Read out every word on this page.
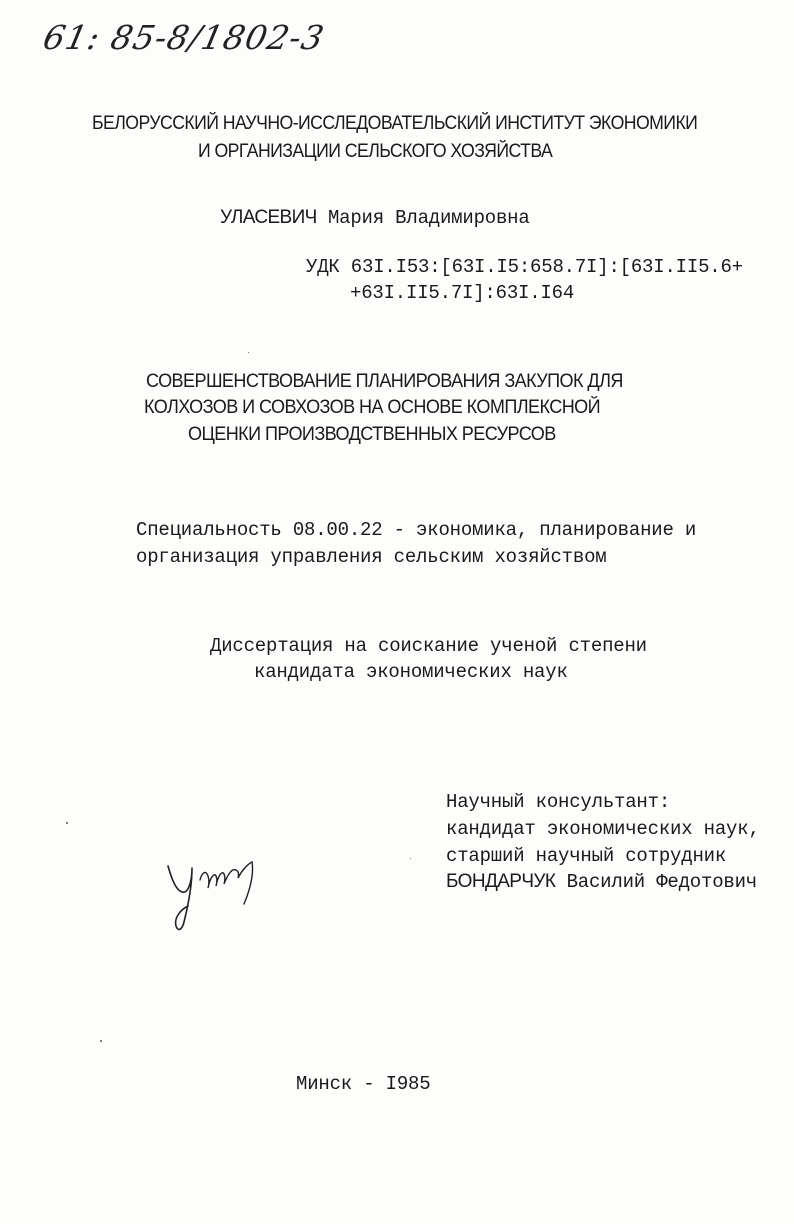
61: 85-8/1802-3
БЕЛОРУССКИЙ НАУЧНО-ИССЛЕДОВАТЕЛЬСКИЙ ИНСТИТУТ ЭКОНОМИКИ
И ОРГАНИЗАЦИИ СЕЛЬСКОГО ХОЗЯЙСТВА
УЛАСЕВИЧ Мария Владимировна
УДК 63I.I53:[63I.I5:658.7I]:[63I.II5.6+
+63I.II5.7I]:63I.I64
СОВЕРШЕНСТВОВАНИЕ ПЛАНИРОВАНИЯ ЗАКУПОК ДЛЯ
КОЛХОЗОВ И СОВХОЗОВ НА ОСНОВЕ КОМПЛЕКСНОЙ
ОЦЕНКИ ПРОИЗВОДСТВЕННЫХ РЕСУРСОВ
Специальность 08.00.22 - экономика, планирование и
организация управления сельским хозяйством
Диссертация на соискание ученой степени
кандидата экономических наук
Научный консультант:
кандидат экономических наук,
старший научный сотрудник
БОНДАРЧУК Василий Федотович
Минск - I985
